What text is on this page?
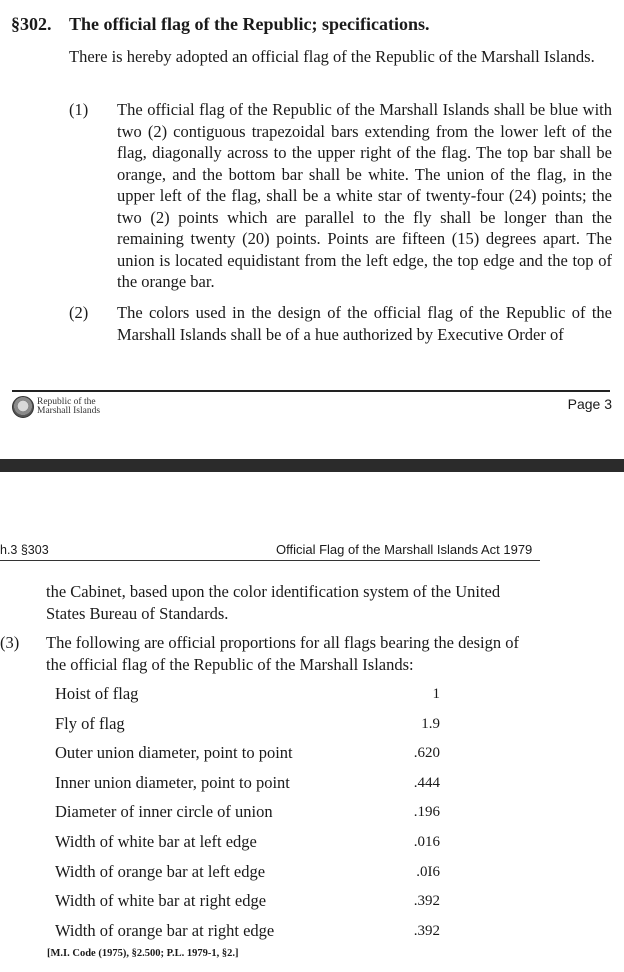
§302. The official flag of the Republic; specifications.
There is hereby adopted an official flag of the Republic of the Marshall Islands.
(1) The official flag of the Republic of the Marshall Islands shall be blue with two (2) contiguous trapezoidal bars extending from the lower left of the flag, diagonally across to the upper right of the flag. The top bar shall be orange, and the bottom bar shall be white. The union of the flag, in the upper left of the flag, shall be a white star of twenty-four (24) points; the two (2) points which are parallel to the fly shall be longer than the remaining twenty (20) points. Points are fifteen (15) degrees apart. The union is located equidistant from the left edge, the top edge and the top of the orange bar.
(2) The colors used in the design of the official flag of the Republic of the Marshall Islands shall be of a hue authorized by Executive Order of
Republic of the
Marshall Islands	Page 3
h.3 §303	Official Flag of the Marshall Islands Act 1979
the Cabinet, based upon the color identification system of the United States Bureau of Standards.
(3) The following are official proportions for all flags bearing the design of the official flag of the Republic of the Marshall Islands:
Hoist of flag	1
Fly of flag	1.9
Outer union diameter, point to point	.620
Inner union diameter, point to point	.444
Diameter of inner circle of union	.196
Width of white bar at left edge	.016
Width of orange bar at left edge	.0I6
Width of white bar at right edge	.392
Width of orange bar at right edge	.392
[M.I. Code (1975), §2.500; P.L. 1979-1, §2.]
